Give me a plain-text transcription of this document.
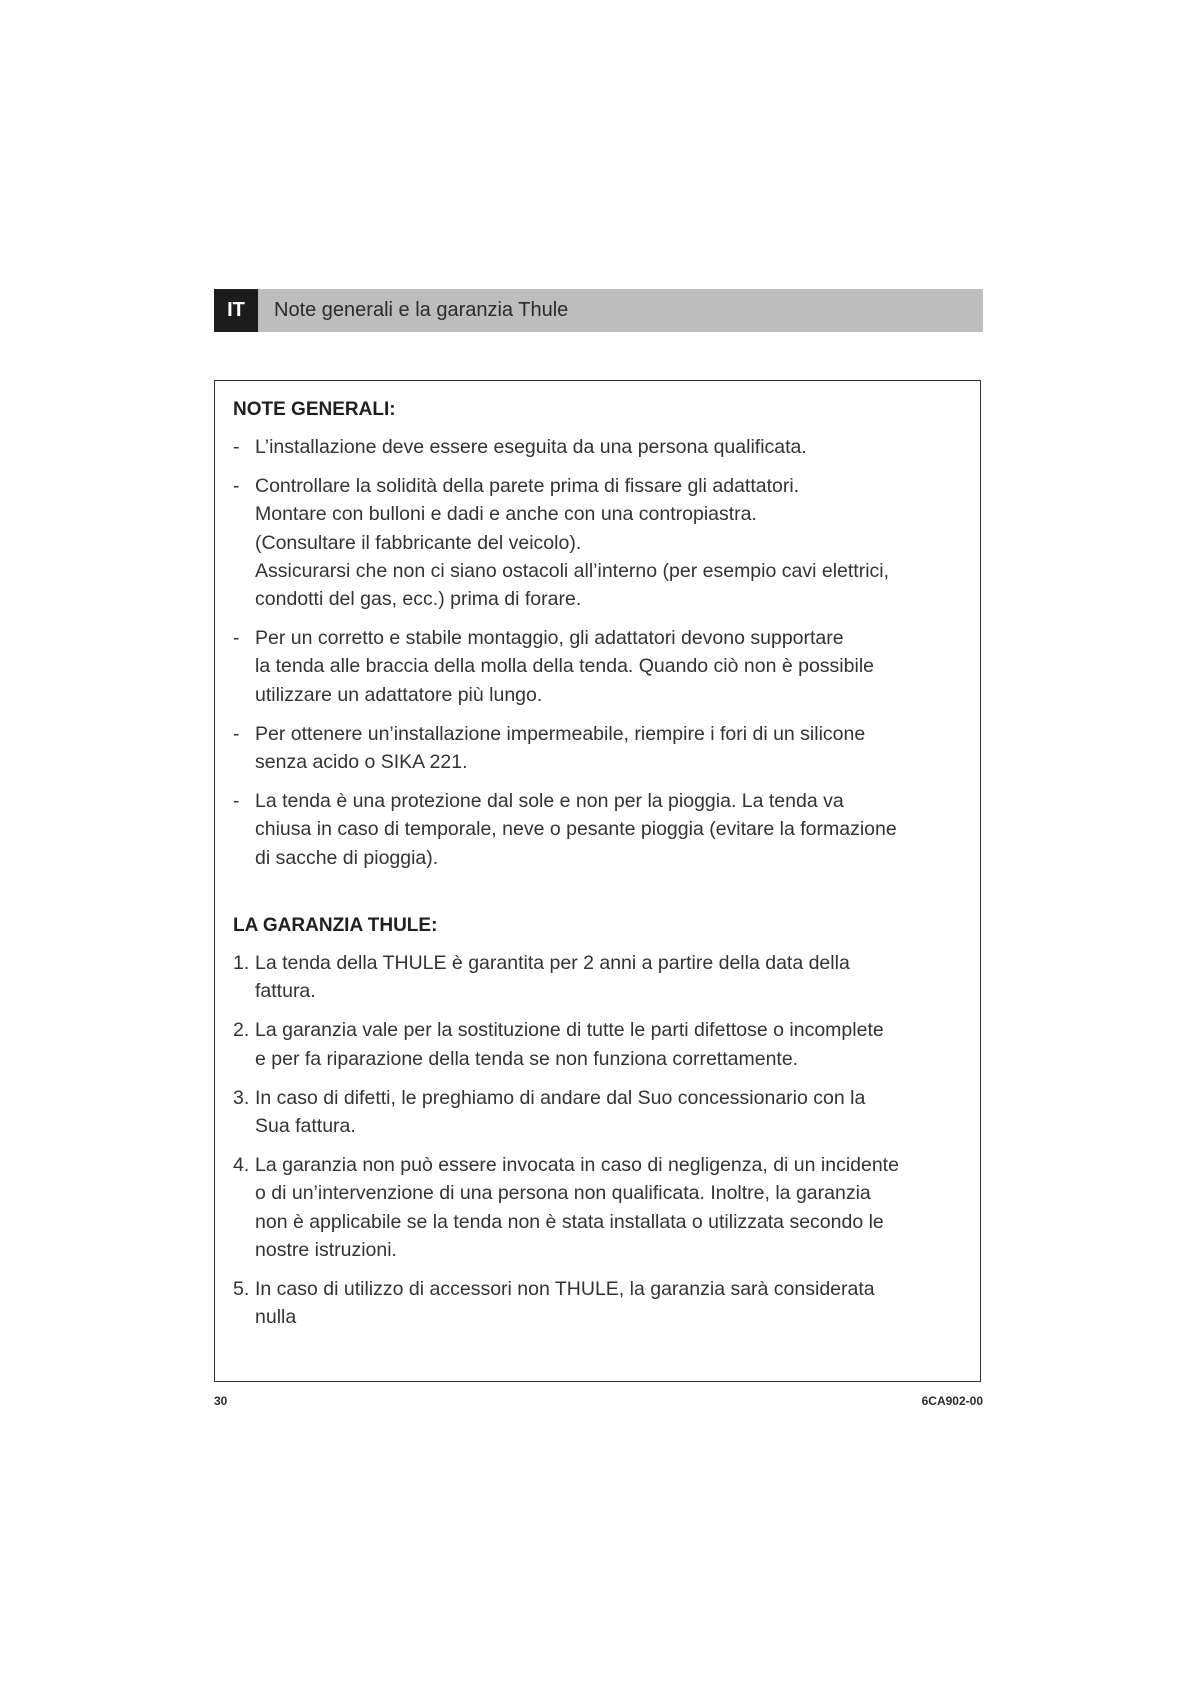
IT	Note generali e la garanzia Thule
NOTE GENERALI:
- L’installazione deve essere eseguita da una persona qualificata.
- Controllare la solidità della parete prima di fissare gli adattatori.
Montare con bulloni e dadi e anche con una contropiastra.
(Consultare il fabbricante del veicolo).
Assicurarsi che non ci siano ostacoli all’interno (per esempio cavi elettrici,
condotti del gas, ecc.) prima di forare.
- Per un corretto e stabile montaggio, gli adattatori devono supportare
la tenda alle braccia della molla della tenda. Quando ciò non è possibile
utilizzare un adattatore più lungo.
- Per ottenere un’installazione impermeabile, riempire i fori di un silicone
senza acido o SIKA 221.
- La tenda è una protezione dal sole e non per la pioggia. La tenda va
chiusa in caso di temporale, neve o pesante pioggia (evitare la formazione
di sacche di pioggia).
LA GARANZIA THULE:
1. La tenda della THULE è garantita per 2 anni a partire della data della
fattura.
2. La garanzia vale per la sostituzione di tutte le parti difettose o incomplete
e per fa riparazione della tenda se non funziona correttamente.
3. In caso di difetti, le preghiamo di andare dal Suo concessionario con la
Sua fattura.
4. La garanzia non può essere invocata in caso di negligenza, di un incidente
o di un’intervenzione di una persona non qualificata. Inoltre, la garanzia
non è applicabile se la tenda non è stata installata o utilizzata secondo le
nostre istruzioni.
5. In caso di utilizzo di accessori non THULE, la garanzia sarà considerata
nulla
30	6CA902-00
